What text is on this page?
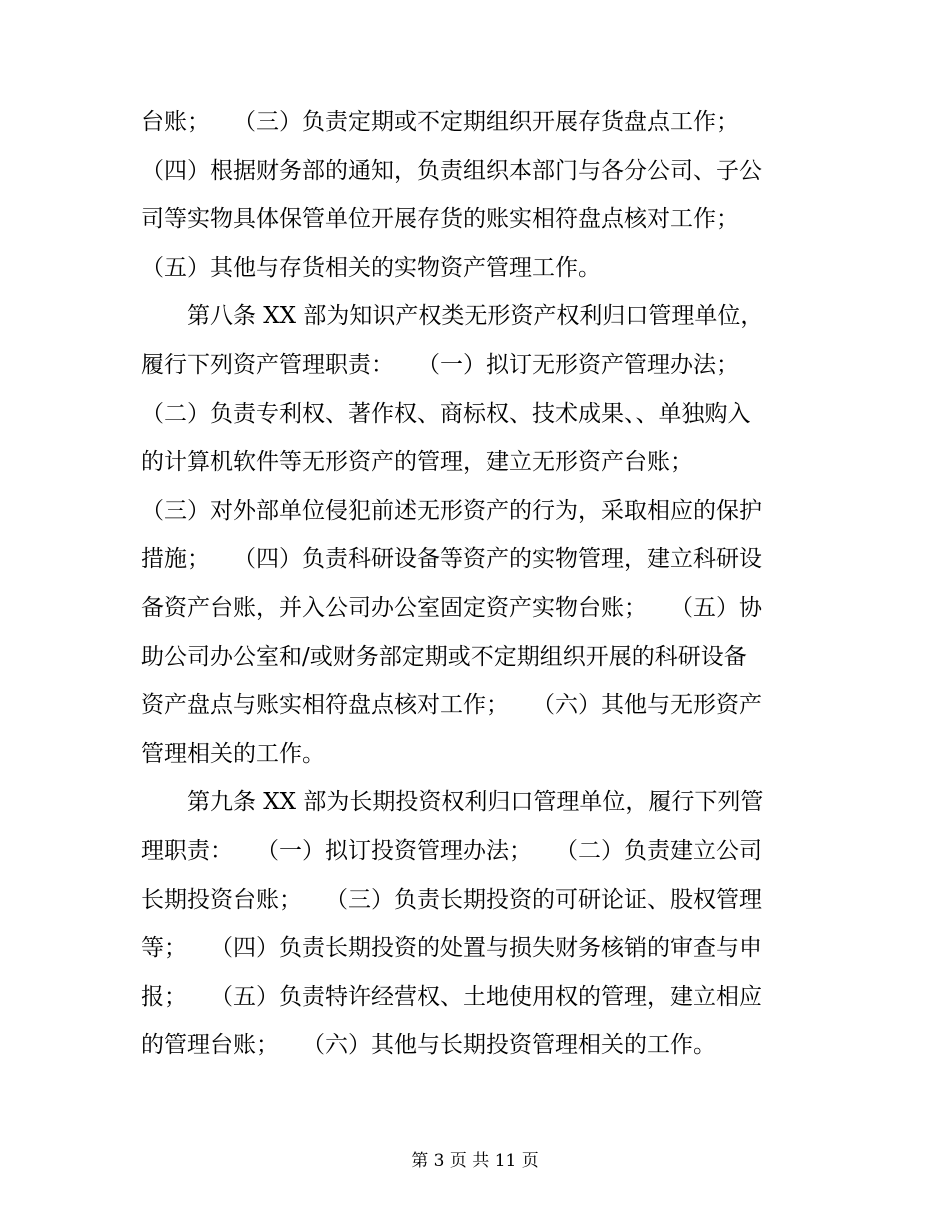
台账；　　（三）负责定期或不定期组织开展存货盘点工作；
（四）根据财务部的通知，负责组织本部门与各分公司、子公
司等实物具体保管单位开展存货的账实相符盘点核对工作；
（五）其他与存货相关的实物资产管理工作。
第八条 XX 部为知识产权类无形资产权利归口管理单位，
履行下列资产管理职责：　　（一）拟订无形资产管理办法；
（二）负责专利权、著作权、商标权、技术成果、、单独购入
的计算机软件等无形资产的管理，建立无形资产台账；
（三）对外部单位侵犯前述无形资产的行为，采取相应的保护
措施；　　（四）负责科研设备等资产的实物管理，建立科研设
备资产台账，并入公司办公室固定资产实物台账；　　（五）协
助公司办公室和/或财务部定期或不定期组织开展的科研设备
资产盘点与账实相符盘点核对工作；　　（六）其他与无形资产
管理相关的工作。
第九条 XX 部为长期投资权利归口管理单位，履行下列管
理职责：　　（一）拟订投资管理办法；　　（二）负责建立公司
长期投资台账；　　（三）负责长期投资的可研论证、股权管理
等；　　（四）负责长期投资的处置与损失财务核销的审查与申
报；　　（五）负责特许经营权、土地使用权的管理，建立相应
的管理台账；　　（六）其他与长期投资管理相关的工作。
第 3 页 共 11 页
